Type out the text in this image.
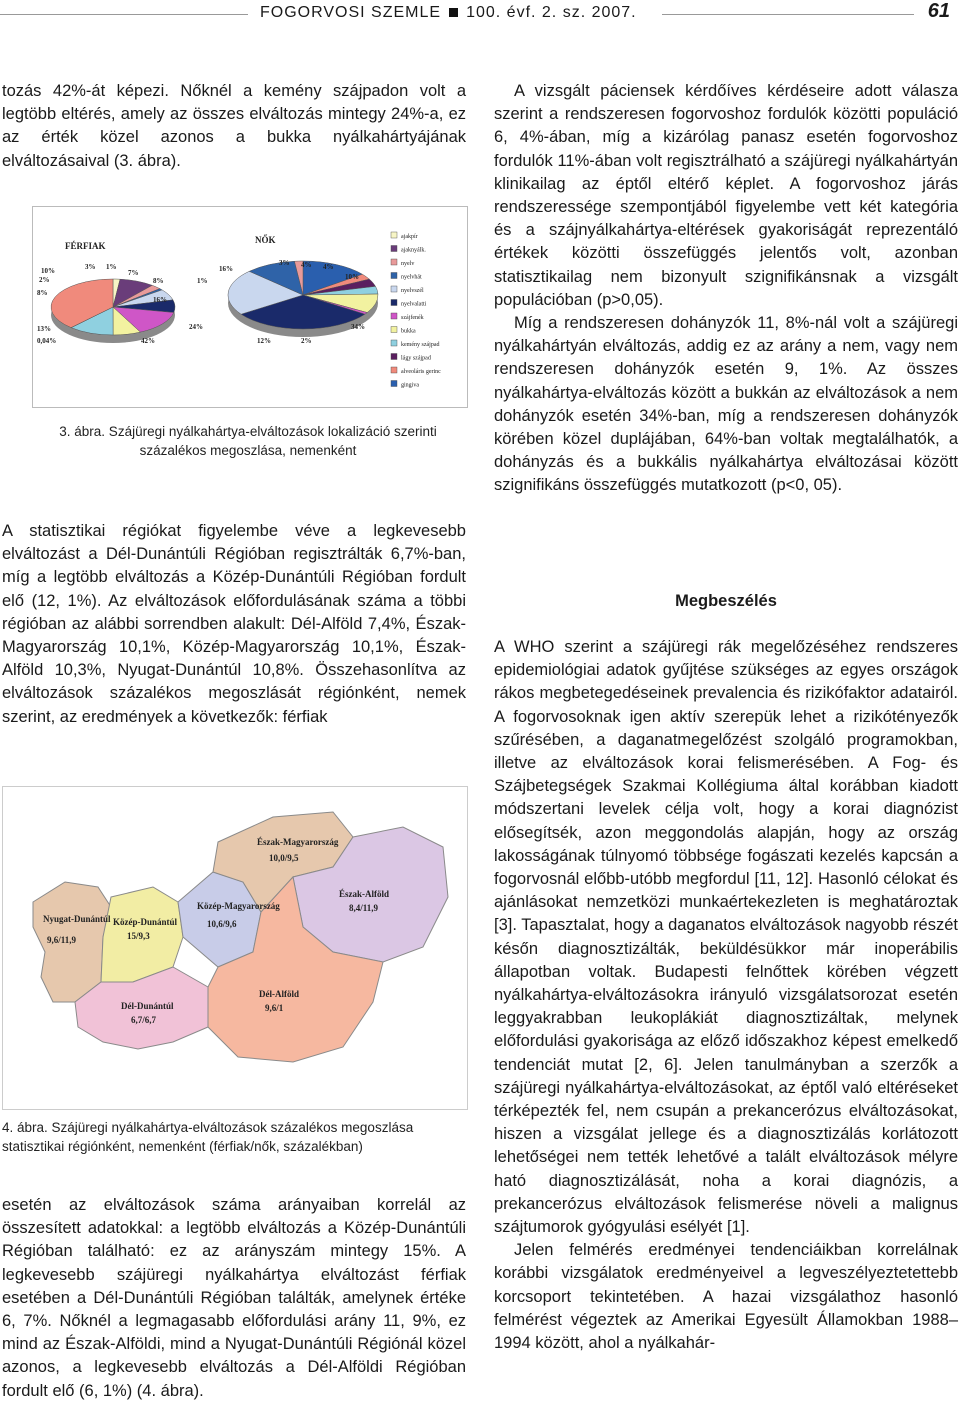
FOGORVOSI SZEMLE 100. évf. 2. sz. 2007.	61

tozás 42%-át képezi. Nőknél a kemény szájpadon volt a legtöbb eltérés, amely az összes elváltozás mintegy 24%-a, ez az érték közel azonos a bukka nyálkahártyájának elváltozásaival (3. ábra).

FÉRFIAK
NŐK
2%
10%	3% 1%
7%
8%
16%
8%
13%
0,04%	42%
16%
3% 4% 4%
10%
1%
34%
24%
12%	2%
ajakpír
ajaknyálk.
nyelv
nyelvhát
nyelvszél
nyelvalatti
szájfenék
bukka
kemény szájpad
lágy szájpad
alveoláris gerinc
gingiva
3. ábra. Szájüregi nyálkahártya-elváltozások lokalizáció szerinti százalékos megoszlása, nemenként

A statisztikai régiókat figyelembe véve a legkevesebb elváltozást a Dél-Dunántúli Régióban regisztrálták 6,7%-ban, míg a legtöbb elváltozás a Közép-Dunántúli Régióban fordult elő (12, 1%). Az elváltozások előfordulásának száma a többi régióban az alábbi sorrendben alakult: Dél-Alföld 7,4%, Észak-Magyarország 10,1%, Közép-Magyarország 10,1%, Észak-Alföld 10,3%, Nyugat-Dunántúl 10,8%. Összehasonlítva az elváltozások százalékos megoszlását régiónként, nemek szerint, az eredmények a következők: férfiak

Észak-Magyarország
10,0/9,5
Észak-Alföld
8,4/11,9
Nyugat-Dunántúl
9,6/11,9
Közép-Dunántúl
15/9,3
Közép-Magyarország
10,6/9,6
Dél-Alföld
9,6/1
Dél-Dunántúl
6,7/6,7
4. ábra. Szájüregi nyálkahártya-elváltozások százalékos megoszlása statisztikai régiónként, nemenként (férfiak/nők, százalékban)

esetén az elváltozások száma arányaiban korrelál az összesített adatokkal: a legtöbb elváltozás a Közép-Dunántúli Régióban található: ez az arányszám mintegy 15%. A legkevesebb szájüregi nyálkahártya elváltozást férfiak esetében a Dél-Dunántúli Régióban találták, amelynek értéke 6, 7%. Nőknél a legmagasabb előfordulási arány 11, 9%, ez mind az Észak-Alföldi, mind a Nyugat-Dunántúli Régiónál közel azonos, a legkevesebb elváltozás a Dél-Alföldi Régióban fordult elő (6, 1%) (4. ábra).

A vizsgált páciensek kérdőíves kérdéseire adott válasza szerint a rendszeresen fogorvoshoz fordulók közötti populáció 6, 4%-ában, míg a kizárólag panasz esetén fogorvoshoz fordulók 11%-ában volt regisztrálható a szájüregi nyálkahártyán klinikailag az éptől eltérő képlet. A fogorvoshoz járás rendszeressége szempontjából figyelembe vett két kategória és a szájnyálkahártya-eltérések gyakoriságát reprezentáló értékek közötti összefüggés jelentős volt, azonban statisztikailag nem bizonyult szignifikánsnak a vizsgált populációban (p>0,05).

Míg a rendszeresen dohányzók 11, 8%-nál volt a szájüregi nyálkahártyán elváltozás, addig ez az arány a nem, vagy nem rendszeresen dohányzók esetén 9, 1%. Az összes nyálkahártya-elváltozás között a bukkán az elváltozások a nem dohányzók esetén 34%-ban, míg a rendszeresen dohányzók körében közel duplájában, 64%-ban voltak megtalálhatók, a dohányzás és a bukkális nyálkahártya elváltozásai között szignifikáns összefüggés mutatkozott (p<0, 05).

Megbeszélés

A WHO szerint a szájüregi rák megelőzéséhez rendszeres epidemiológiai adatok gyűjtése szükséges az egyes országok rákos megbetegedéseinek prevalencia és rizikófaktor adatairól. A fogorvosoknak igen aktív szerepük lehet a rizikótényezők szűrésében, a daganatmegelőzést szolgáló programokban, illetve az elváltozások korai felismerésében. A Fog- és Szájbetegségek Szakmai Kollégiuma által korábban kiadott módszertani levelek célja volt, hogy a korai diagnózist elősegítsék, azon meggondolás alapján, hogy az ország lakosságának túlnyomó többsége fogászati kezelés kapcsán a fogorvosnál előbb-utóbb megfordul [11, 12]. Hasonló célokat és ajánlásokat nemzetközi munkaértekezleten is meghatároztak [3]. Tapasztalat, hogy a daganatos elváltozások nagyobb részét későn diagnosztizálták, beküldésükkor már inoperábilis állapotban voltak. Budapesti felnőttek körében végzett nyálkahártya-elváltozásokra irányuló vizsgálatsorozat esetén leggyakrabban leukoplákiát diagnosztizáltak, melynek előfordulási gyakorisága az előző időszakhoz képest emelkedő tendenciát mutat [2, 6]. Jelen tanulmányban a szerzők a szájüregi nyálkahártya-elváltozásokat, az éptől való eltéréseket térképezték fel, nem csupán a prekancerózus elváltozásokat, hiszen a vizsgálat jellege és a diagnosztizálás korlátozott lehetőségei nem tették lehetővé a talált elváltozások mélyre ható diagnosztizálását, noha a korai diagnózis, a prekancerózus elváltozások felismerése növeli a malignus szájtumorok gyógyulási esélyét [1].

Jelen felmérés eredményei tendenciáikban korrelálnak korábbi vizsgálatok eredményeivel a legveszélyeztetettebb korcsoport tekintetében. A hazai vizsgálathoz hasonló felmérést végeztek az Amerikai Egyesült Államokban 1988–1994 között, ahol a nyálkahár-
